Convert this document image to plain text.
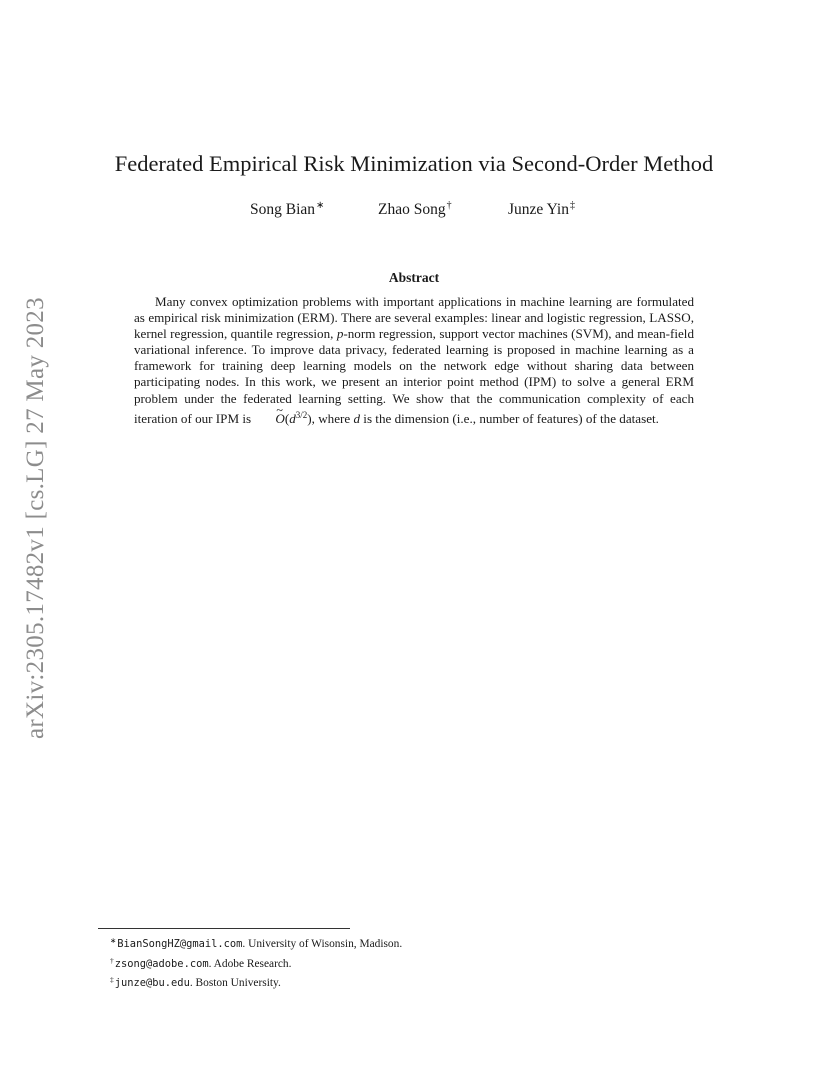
arXiv:2305.17482v1 [cs.LG] 27 May 2023
Federated Empirical Risk Minimization via Second-Order Method
Song Bian∗	Zhao Song†	Junze Yin‡
Abstract

Many convex optimization problems with important applications in machine learning are formulated as empirical risk minimization (ERM). There are several examples: linear and logistic regression, LASSO, kernel regression, quantile regression, p-norm regression, support vector machines (SVM), and mean-field variational inference. To improve data privacy, federated learning is proposed in machine learning as a framework for training deep learning models on the network edge without sharing data between participating nodes. In this work, we present an interior point method (IPM) to solve a general ERM problem under the federated learning setting. We show that the communication complexity of each iteration of our IPM is ~ $O(d^{3/2})$, where d is the dimension (i.e., number of features) of the dataset.

∗BianSongHZ@gmail.com. University of Wisonsin, Madison.
†zsong@adobe.com. Adobe Research.
‡junze@bu.edu. Boston University.
